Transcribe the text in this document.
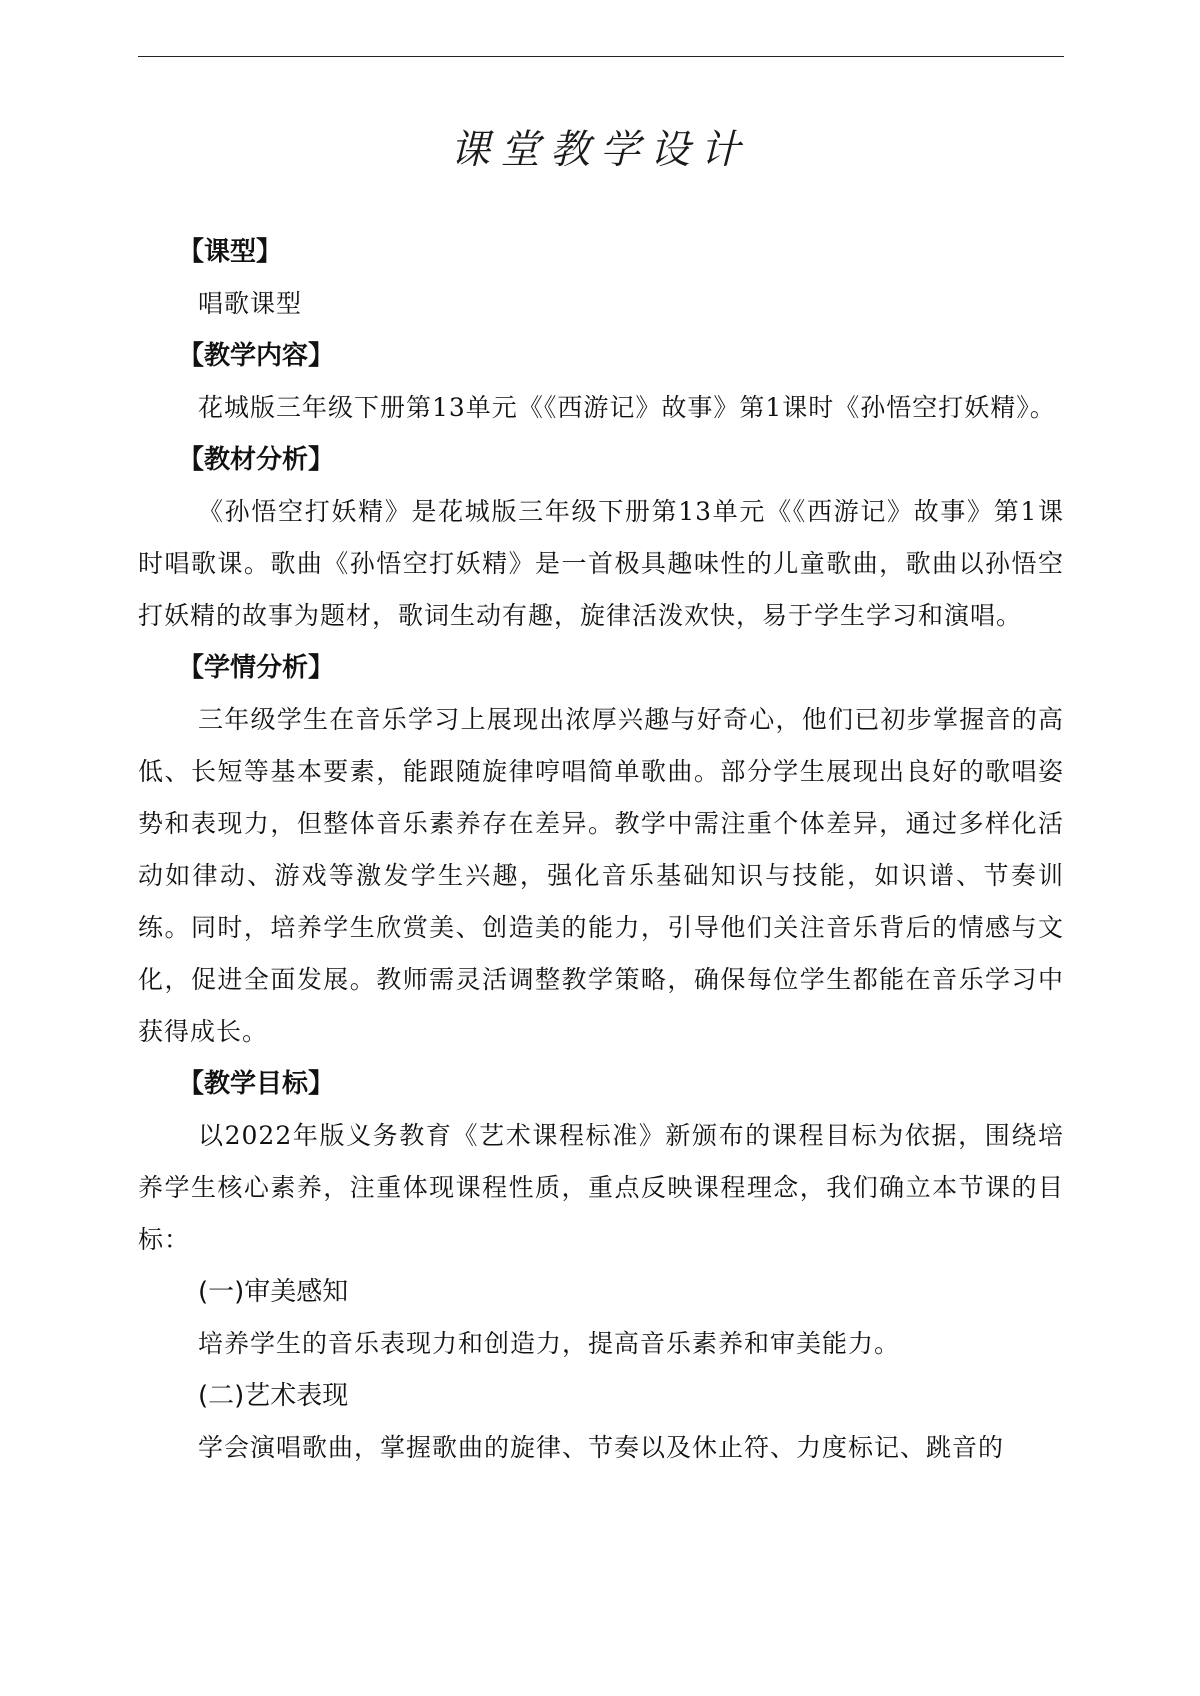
课堂教学设计
【课型】

唱歌课型

【教学内容】

花城版三年级下册第13单元《《西游记》故事》第1课时《孙悟空打妖精》。

【教材分析】

《孙悟空打妖精》是花城版三年级下册第13单元《《西游记》故事》第1课时唱歌课。歌曲《孙悟空打妖精》是一首极具趣味性的儿童歌曲，歌曲以孙悟空打妖精的故事为题材，歌词生动有趣，旋律活泼欢快，易于学生学习和演唱。

【学情分析】

三年级学生在音乐学习上展现出浓厚兴趣与好奇心，他们已初步掌握音的高低、长短等基本要素，能跟随旋律哼唱简单歌曲。部分学生展现出良好的歌唱姿势和表现力，但整体音乐素养存在差异。教学中需注重个体差异，通过多样化活动如律动、游戏等激发学生兴趣，强化音乐基础知识与技能，如识谱、节奏训练。同时，培养学生欣赏美、创造美的能力，引导他们关注音乐背后的情感与文化，促进全面发展。教师需灵活调整教学策略，确保每位学生都能在音乐学习中获得成长。

【教学目标】

以2022年版义务教育《艺术课程标准》新颁布的课程目标为依据，围绕培养学生核心素养，注重体现课程性质，重点反映课程理念，我们确立本节课的目标：

(一)审美感知

培养学生的音乐表现力和创造力，提高音乐素养和审美能力。

(二)艺术表现

学会演唱歌曲，掌握歌曲的旋律、节奏以及休止符、力度标记、跳音的
